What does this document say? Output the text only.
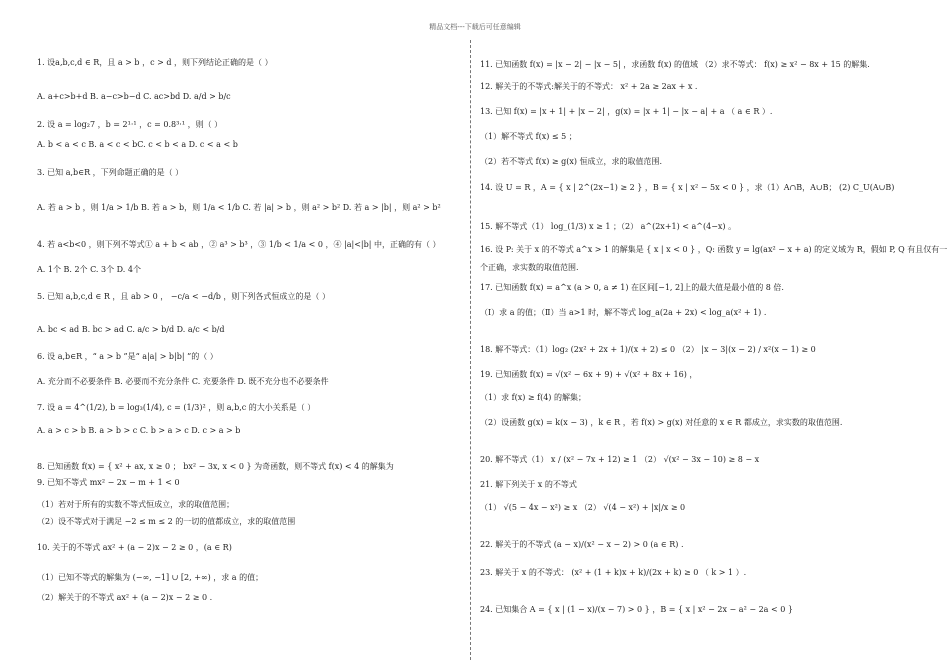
精品文档---下载后可任意编辑
1. 设a,b,c,d ∈ R，且 a > b ，c > d ，则下列结论正确的是（ ）
A. a+c>b+d B. a−c>b−d C. ac>bd D. a/d > b/c
2. 设 a = log₂7 ，b = 2¹·¹ ，c = 0.8³·¹ ，则（ ）
A. b < a < c B. a < c < bC. c < b < a D. c < a < b
3. 已知 a,b∈R ，下列命题正确的是（ ）
A. 若 a > b ，则 1/a > 1/b B. 若 a > b，则 1/a < 1/b C. 若 |a| > b ，则 a² > b² D. 若 a > |b| ，则 a² > b²
4. 若 a<b<0 ，则下列不等式① a + b < ab ，② a³ > b³ ，③ 1/b < 1/a < 0 ，④ |a|<|b| 中，正确的有（ ）
A. 1个 B. 2个 C. 3个 D. 4个
5. 已知 a,b,c,d ∈ R ，且 ab > 0 ， −c/a < −d/b ，则下列各式恒成立的是（ ）
A. bc < ad B. bc > ad C. a/c > b/d D. a/c < b/d
6. 设 a,b∈R ，“ a > b ”是“ a|a| > b|b| ”的（ ）
A. 充分而不必要条件 B. 必要而不充分条件 C. 充要条件 D. 既不充分也不必要条件
7. 设 a = 4^(1/2), b = log₃(1/4), c = (1/3)² ，则 a,b,c 的大小关系是（ ）
A. a > c > b B. a > b > c C. b > a > c D. c > a > b
8. 已知函数 f(x) = { x² + ax, x ≥ 0 ； bx² − 3x, x < 0 } 为奇函数，则不等式 f(x) < 4 的解集为
9. 已知不等式 mx² − 2x − m + 1 < 0
（1）若对于所有的实数不等式恒成立，求的取值范围；
（2）设不等式对于满足 −2 ≤ m ≤ 2 的一切的值都成立，求的取值范围
10. 关于的不等式 ax² + (a − 2)x − 2 ≥ 0 ，(a ∈ R)
（1）已知不等式的解集为 (−∞, −1] ∪ [2, +∞) ，求 a 的值；
（2）解关于的不等式 ax² + (a − 2)x − 2 ≥ 0 .
11. 已知函数 f(x) = |x − 2| − |x − 5| ，求函数 f(x) 的值域 （2）求不等式： f(x) ≥ x² − 8x + 15 的解集.
12. 解关于的不等式:解关于的不等式： x² + 2a ≥ 2ax + x .
13. 已知 f(x) = |x + 1| + |x − 2| ，g(x) = |x + 1| − |x − a| + a （ a ∈ R ）.
（1）解不等式 f(x) ≤ 5 ；
（2）若不等式 f(x) ≥ g(x) 恒成立，求的取值范围.
14. 设 U = R ，A = { x | 2^(2x−1) ≥ 2 } ，B = { x | x² − 5x < 0 } ，求（1）A∩B，A∪B； (2) C_U(A∪B)
15. 解不等式（1） log_(1/3) x ≥ 1 ；（2） a^(2x+1) < a^(4−x) 。
16. 设 P: 关于 x 的不等式 a^x > 1 的解集是 { x | x < 0 } ，Q: 函数 y = lg(ax² − x + a) 的定义域为 R，假如 P, Q 有且仅有一
个正确，求实数的取值范围.
17. 已知函数 f(x) = a^x (a > 0, a ≠ 1) 在区间[−1, 2]上的最大值是最小值的 8 倍.
（Ⅰ）求 a 的值；（Ⅱ）当 a>1 时，解不等式 log_a(2a + 2x) < log_a(x² + 1) .
18. 解不等式：（1）log₂ (2x² + 2x + 1)/(x + 2) ≤ 0 （2） |x − 3|(x − 2) / x²(x − 1) ≥ 0
19. 已知函数 f(x) = √(x² − 6x + 9) + √(x² + 8x + 16) ，
（1）求 f(x) ≥ f(4) 的解集；
（2）设函数 g(x) = k(x − 3) ，k ∈ R ，若 f(x) > g(x) 对任意的 x ∈ R 都成立，求实数的取值范围.
20. 解不等式（1） x / (x² − 7x + 12) ≥ 1 （2） √(x² − 3x − 10) ≥ 8 − x
21. 解下列关于 x 的不等式
（1） √(5 − 4x − x²) ≥ x （2） √(4 − x²) + |x|/x ≥ 0
22. 解关于的不等式 (a − x)/(x² − x − 2) > 0 (a ∈ R) .
23. 解关于 x 的不等式： (x² + (1 + k)x + k)/(2x + k) ≥ 0 （ k > 1 ）.
24. 已知集合 A = { x | (1 − x)/(x − 7) > 0 } ，B = { x | x² − 2x − a² − 2a < 0 }
